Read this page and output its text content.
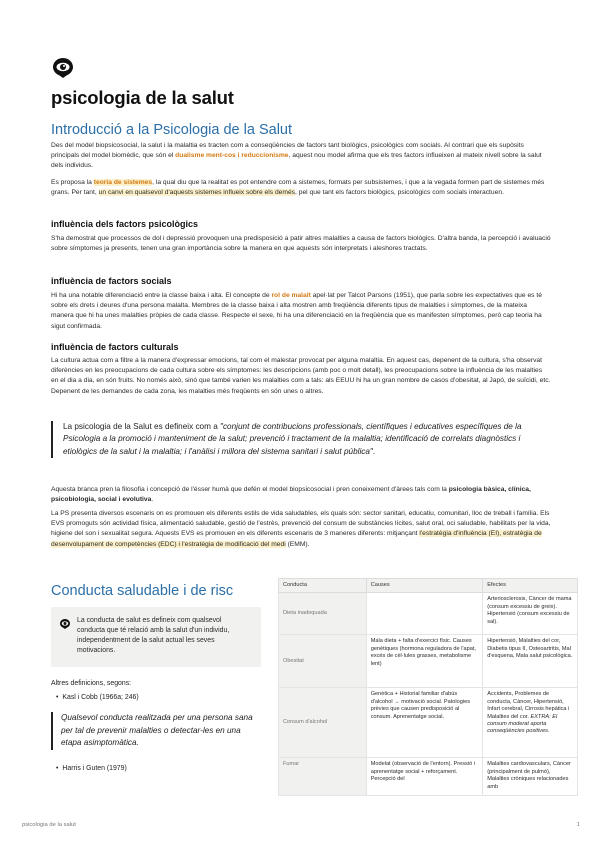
psicologia de la salut
Introducció a la Psicologia de la Salut
Des del model biopsicosocial, la salut i la malaltia es tracten com a conseqüències de factors tant biològics, psicològics com socials. Al contrari que els supòsits principals del model biomèdic, que són el dualisme ment-cos i reduccionisme, aquest nou model afirma que els tres factors influeixen al mateix nivell sobre la salut dels individus.
Es proposa la teoria de sistemes, la qual diu que la realitat es pot entendre com a sistemes, formats per subsistemes, i que a la vegada formen part de sistemes més grans. Per tant, un canvi en qualsevol d'aquests sistemes influeix sobre els demés, pel que tant els factors biològics, psicològics com socials interactuen.
influència dels factors psicològics
S'ha demostrat que processos de dol i depressió provoquen una predisposició a patir altres malalties a causa de factors biològics. D'altra banda, la percepció i avaluació sobre símptomes ja presents, tenen una gran importància sobre la manera en que aquests són interpretats i aleshores tractats.
influència de factors socials
Hi ha una notable diferenciació entre la classe baixa i alta. El concepte de rol de malalt apel·lat per Talcot Parsons (1951), que parla sobre les expectatives que es té sobre els drets i deures d'una persona malalta. Membres de la classe baixa i alta mostren amb freqüència diferents tipus de malalties i símptomes, de la mateixa manera que hi ha unes malalties pròpies de cada classe. Respecte el sexe, hi ha una diferenciació en la freqüència que es manifesten símptomes, però cap teoria ha sigut confirmada.
influència de factors culturals
La cultura actua com a filtre a la manera d'expressar emocions, tal com el malestar provocat per alguna malaltia. En aquest cas, depenent de la cultura, s'ha observat diferències en les preocupacions de cada cultura sobre els símptomes: les descripcions (amb poc o molt detall), les preocupacions sobre la influència de les malalties en el dia a dia, en són fruits. No només això, sinó que també varien les malalties com a tals: als EEUU hi ha un gran nombre de casos d'obesitat, al Japó, de suïcidi, etc. Depenent de les demandes de cada zona, les malalties més freqüents en són unes o altres.
La psicologia de la Salut es defineix com a "conjunt de contribucions professionals, científiques i educatives específiques de la Psicologia a la promoció i manteniment de la salut; prevenció i tractament de la malaltia; identificació de correlats diagnòstics i etiològics de la salut i la malaltia; i l'anàlisi i millora del sistema sanitari i salut pública".
Aquesta branca pren la filosofia i concepció de l'ésser humà que defén el model biopsicosocial i pren coneixement d'àrees tals com la psicologia bàsica, clínica, psicobiologia, social i evolutiva.
La PS presenta diversos escenaris on es promouen els diferents estils de vida saludables, els quals són: sector sanitari, educatiu, comunitari, lloc de treball i família. Els EVS promoguts són actividad física, alimentació saludable, gestió de l'estrès, prevenció del consum de substàncies lícites, salut oral, oci saludable, habilitats per la vida, higiene del son i sexualitat segura. Aquests EVS es promouen en els diferents escenaris de 3 maneres diferents: mitjançant l'estratègia d'influència (EI), estratègia de desenvolupament de competències (EDC) i l'estratègia de modificació del medi (EMM).
Conducta saludable i de risc
La conducta de salut es defineix com qualsevol conducta que té relació amb la salut d'un individu, independentment de la salut actual les seves motivacions.
Altres definicions, segons:
• Kasl i Cobb (1966a; 246)
Qualsevol conducta realitzada per una persona sana per tal de prevenir malalties o detectar-les en una etapa asimptomàtica.
• Harris i Guten (1979)
Conducta	Causes	Efectes
Dieta inadequada		Arteriosclerosis, Càncer de mama (consum excessiu de greix). Hipertensió (consum excessiu de sal).
Obesitat	Mala dieta + falta d'exercici físic. Causes genètiques (hormona reguladora de l'apat, excés de cèl·lules grasses, metabolisme lent)	Hipertensió, Malalties del cor, Diabetis tipus II, Osteoartritis, Mal d'esquena, Mala salut psicològica.
Consum d'alcohol	Genètica + Historial familiar d'abús d'alcohol → motivació social. Patologies prèvies que causen predisposició al consum. Aprenentatge social.	Accidents, Problemes de conducta, Càncer, Hipertensió, Infart cerebral, Cirrosis hepàtica i Malalties del cor. EXTRA: El consum moderat aporta conseqüències positives.
Fumar	Modelat (observació de l'entorn). Pressió i aprenentatge social + reforçament. Percepció del	Malalties cardiovasculars, Càncer (principalment de pulmó), Malalties cròniques relacionades amb
psicologia de la salut	1
